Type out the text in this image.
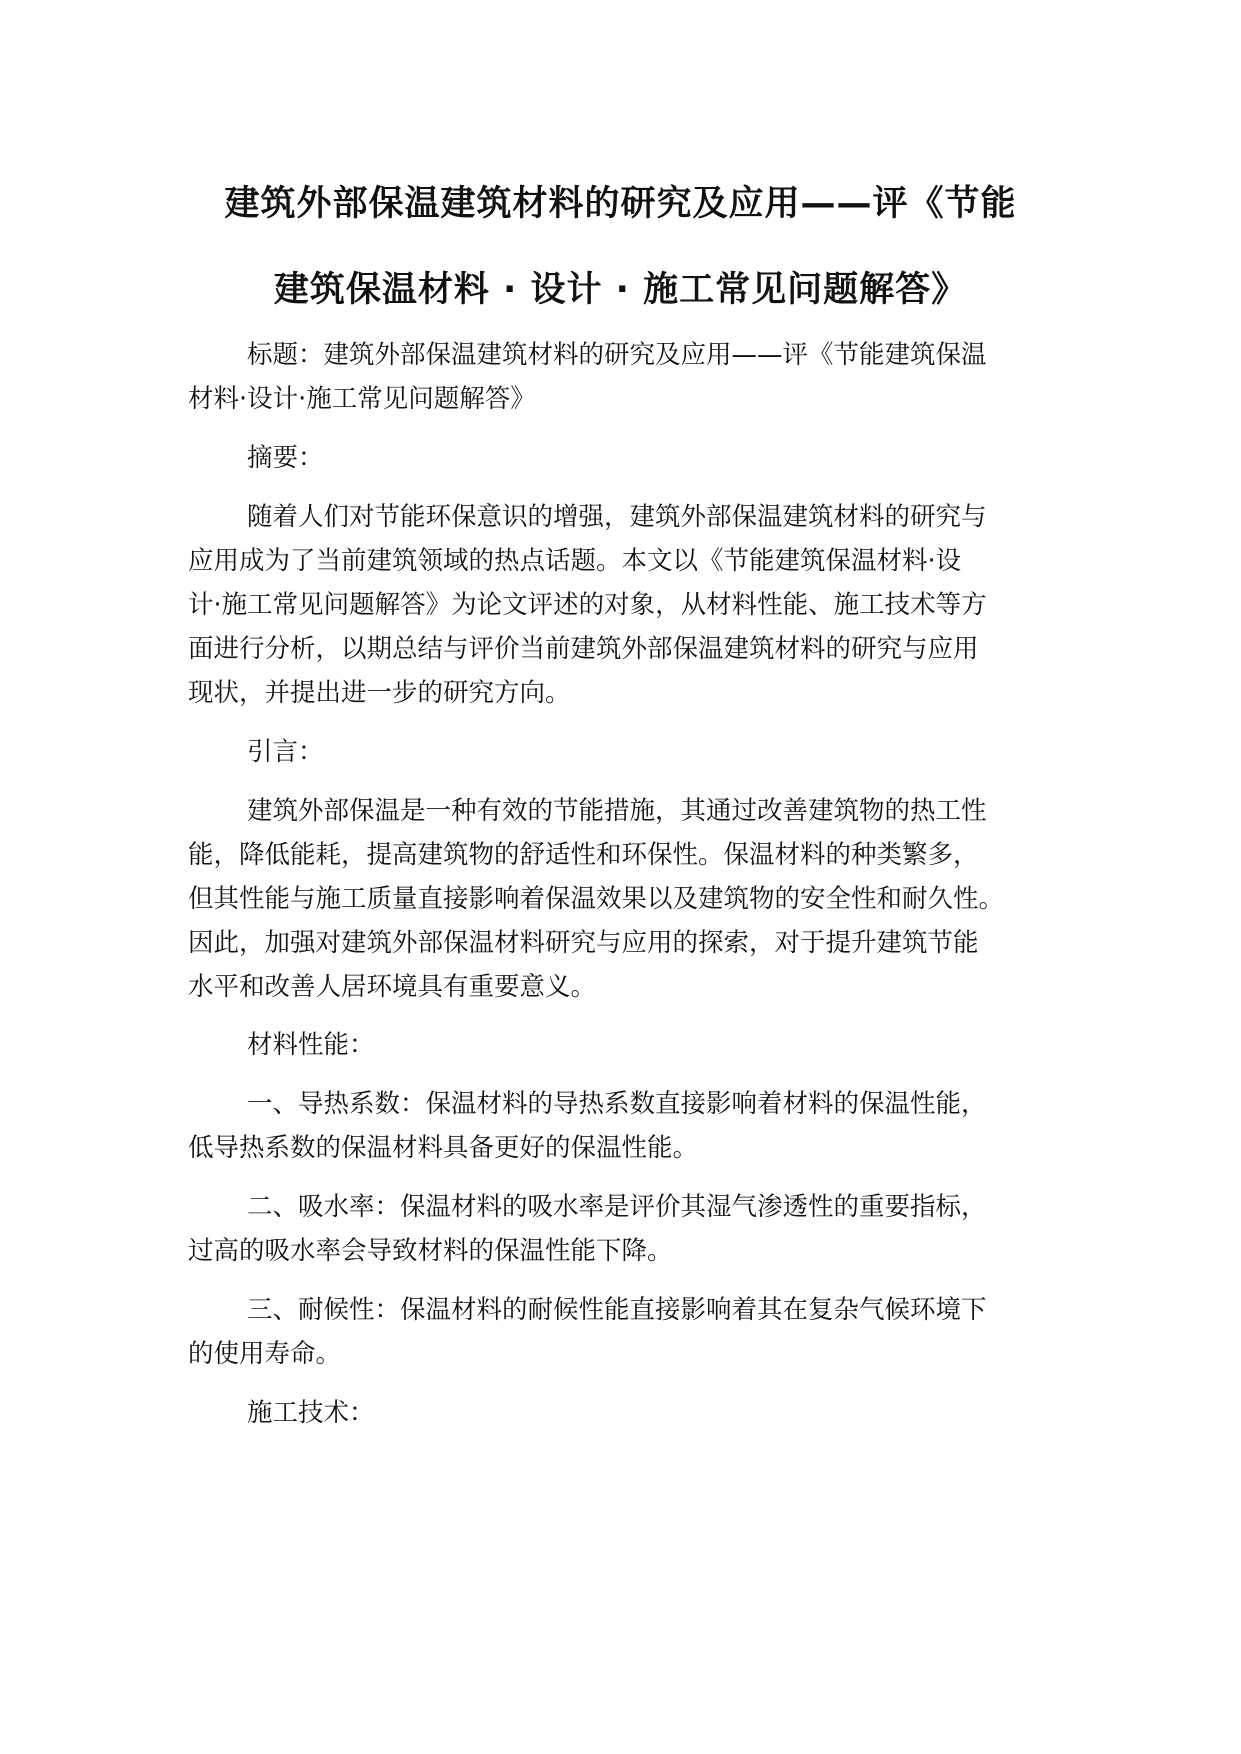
建筑外部保温建筑材料的研究及应用——评《节能
建筑保温材料 · 设计 · 施工常见问题解答》

标题：建筑外部保温建筑材料的研究及应用——评《节能建筑保温

材料·设计·施工常见问题解答》

摘要：

随着人们对节能环保意识的增强，建筑外部保温建筑材料的研究与

应用成为了当前建筑领域的热点话题。本文以《节能建筑保温材料·设

计·施工常见问题解答》为论文评述的对象，从材料性能、施工技术等方

面进行分析，以期总结与评价当前建筑外部保温建筑材料的研究与应用

现状，并提出进一步的研究方向。

引言：

建筑外部保温是一种有效的节能措施，其通过改善建筑物的热工性

能，降低能耗，提高建筑物的舒适性和环保性。保温材料的种类繁多，

但其性能与施工质量直接影响着保温效果以及建筑物的安全性和耐久性。

因此，加强对建筑外部保温材料研究与应用的探索，对于提升建筑节能

水平和改善人居环境具有重要意义。

材料性能：

一、导热系数：保温材料的导热系数直接影响着材料的保温性能，

低导热系数的保温材料具备更好的保温性能。

二、吸水率：保温材料的吸水率是评价其湿气渗透性的重要指标，

过高的吸水率会导致材料的保温性能下降。

三、耐候性：保温材料的耐候性能直接影响着其在复杂气候环境下

的使用寿命。

施工技术：
